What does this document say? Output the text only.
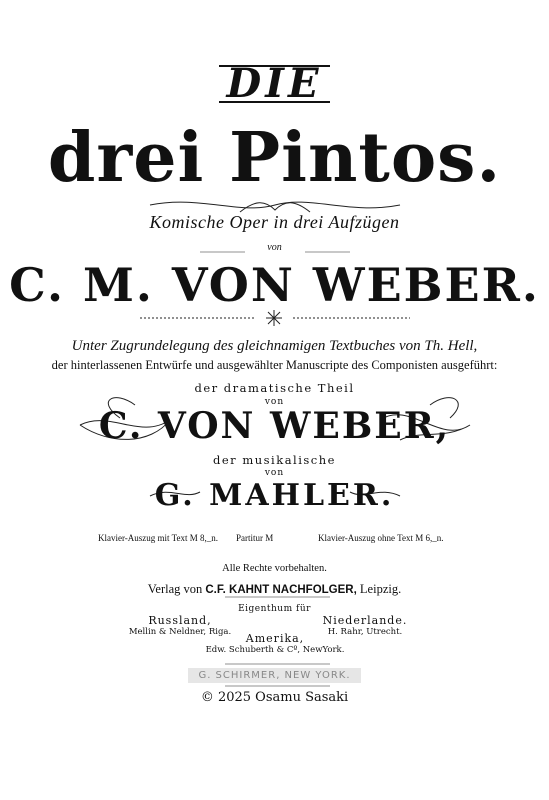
DIE
drei Pintos.
Komische Oper in drei Aufzügen
von
C. M. VON WEBER.
Unter Zugrundelegung des gleichnamigen Textbuches von Th. Hell,
der hinterlassenen Entwürfe und ausgewählter Manuscripte des Componisten ausgeführt:
der dramatische Theil
von
C. VON WEBER,
der musikalische
von
G. MAHLER.
Klavier-Auszug mit Text M 8,_n. Partitur M	Klavier-Auszug ohne Text M 6,_n.
Alle Rechte vorbehalten.
Verlag von C.F. KAHNT NACHFOLGER, Leipzig.
Eigenthum für
Russland,
Mellin & Neldner, Riga.
Niederlande.
H. Rahr, Utrecht.
Amerika,
Edw. Schuberth & Cº, NewYork.
G. SCHIRMER, NEW YORK.
© 2025 Osamu Sasaki
